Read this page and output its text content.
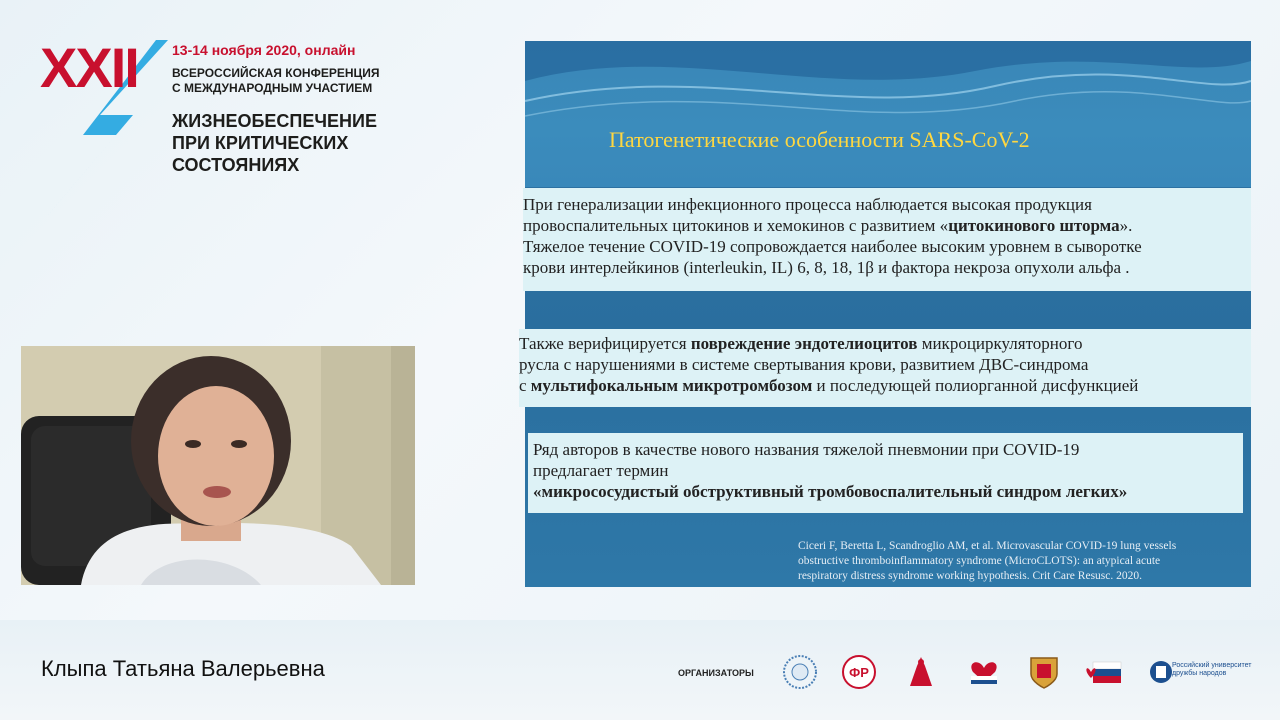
XXII 13-14 ноября 2020, онлайн
ВСЕРОССИЙСКАЯ КОНФЕРЕНЦИЯ
С МЕЖДУНАРОДНЫМ УЧАСТИЕМ
ЖИЗНЕОБЕСПЕЧЕНИЕ
ПРИ КРИТИЧЕСКИХ
СОСТОЯНИЯХ
Патогенетические особенности SARS-CoV-2

При генерализации инфекционного процесса наблюдается высокая продукция

провоспалительных цитокинов и хемокинов с развитием «цитокинового шторма».

Тяжелое течение COVID-19 сопровождается наиболее высоким уровнем в сыворотке

крови интерлейкинов (interleukin, IL) 6, 8, 18, 1β и фактора некроза опухоли альфа .

Также верифицируется повреждение эндотелиоцитов микроциркуляторного

русла с нарушениями в системе свертывания крови, развитием ДВС-синдрома

с мультифокальным микротромбозом и последующей полиорганной дисфункцией

Ряд авторов в качестве нового названия тяжелой пневмонии при COVID-19

предлагает термин

«микрососудистый обструктивный тромбовоспалительный синдром легких»

Ciceri F, Beretta L, Scandroglio AM, et al. Microvascular COVID-19 lung vessels
obstructive thromboinflammatory syndrome (MicroCLOTS): an atypical acute
respiratory distress syndrome working hypothesis. Crit Care Resusc. 2020.
Клыпа Татьяна Валерьевна	ОРГАНИЗАТОРЫ	ФР	Российский университет дружбы народов
